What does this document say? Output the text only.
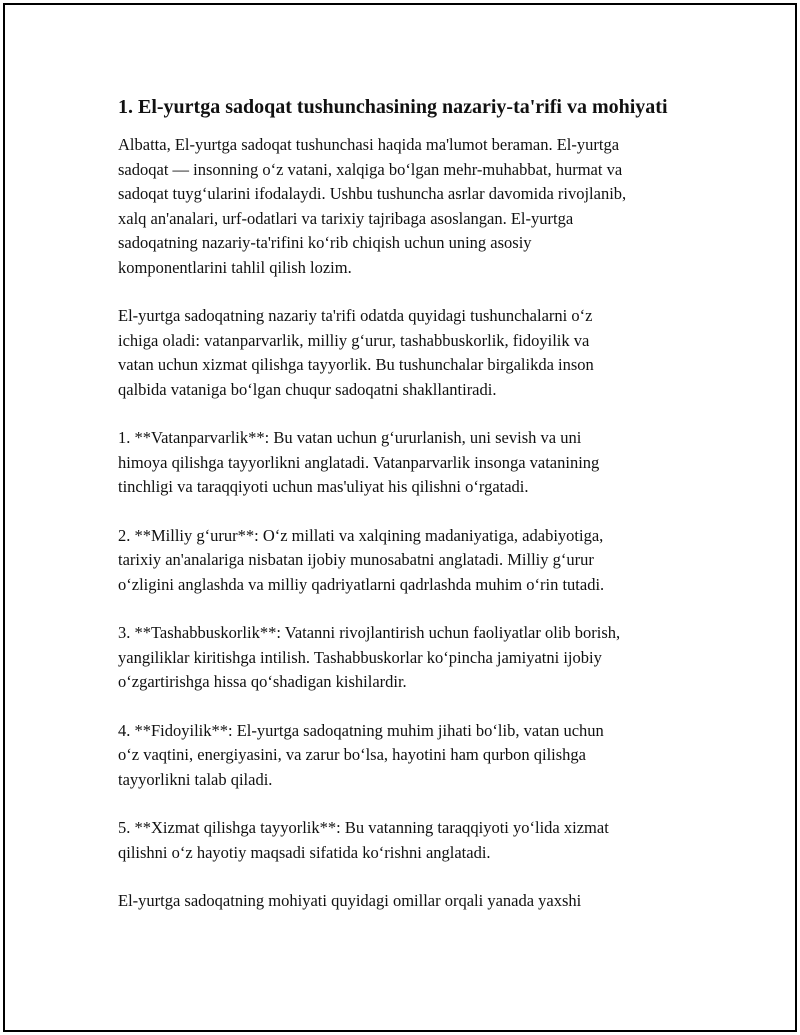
1. El-yurtga sadoqat tushunchasining nazariy-ta'rifi va mohiyati

Albatta, El-yurtga sadoqat tushunchasi haqida ma'lumot beraman. El-yurtga
sadoqat — insonning o‘z vatani, xalqiga bo‘lgan mehr-muhabbat, hurmat va
sadoqat tuyg‘ularini ifodalaydi. Ushbu tushuncha asrlar davomida rivojlanib,
xalq an'analari, urf-odatlari va tarixiy tajribaga asoslangan. El-yurtga
sadoqatning nazariy-ta'rifini ko‘rib chiqish uchun uning asosiy
komponentlarini tahlil qilish lozim.

El-yurtga sadoqatning nazariy ta'rifi odatda quyidagi tushunchalarni o‘z
ichiga oladi: vatanparvarlik, milliy g‘urur, tashabbuskorlik, fidoyilik va
vatan uchun xizmat qilishga tayyorlik. Bu tushunchalar birgalikda inson
qalbida vataniga bo‘lgan chuqur sadoqatni shakllantiradi.

1. **Vatanparvarlik**: Bu vatan uchun g‘ururlanish, uni sevish va uni
himoya qilishga tayyorlikni anglatadi. Vatanparvarlik insonga vatanining
tinchligi va taraqqiyoti uchun mas'uliyat his qilishni o‘rgatadi.

2. **Milliy g‘urur**: O‘z millati va xalqining madaniyatiga, adabiyotiga,
tarixiy an'analariga nisbatan ijobiy munosabatni anglatadi. Milliy g‘urur
o‘zligini anglashda va milliy qadriyatlarni qadrlashda muhim o‘rin tutadi.

3. **Tashabbuskorlik**: Vatanni rivojlantirish uchun faoliyatlar olib borish,
yangiliklar kiritishga intilish. Tashabbuskorlar ko‘pincha jamiyatni ijobiy
o‘zgartirishga hissa qo‘shadigan kishilardir.

4. **Fidoyilik**: El-yurtga sadoqatning muhim jihati bo‘lib, vatan uchun
o‘z vaqtini, energiyasini, va zarur bo‘lsa, hayotini ham qurbon qilishga
tayyorlikni talab qiladi.

5. **Xizmat qilishga tayyorlik**: Bu vatanning taraqqiyoti yo‘lida xizmat
qilishni o‘z hayotiy maqsadi sifatida ko‘rishni anglatadi.

El-yurtga sadoqatning mohiyati quyidagi omillar orqali yanada yaxshi
